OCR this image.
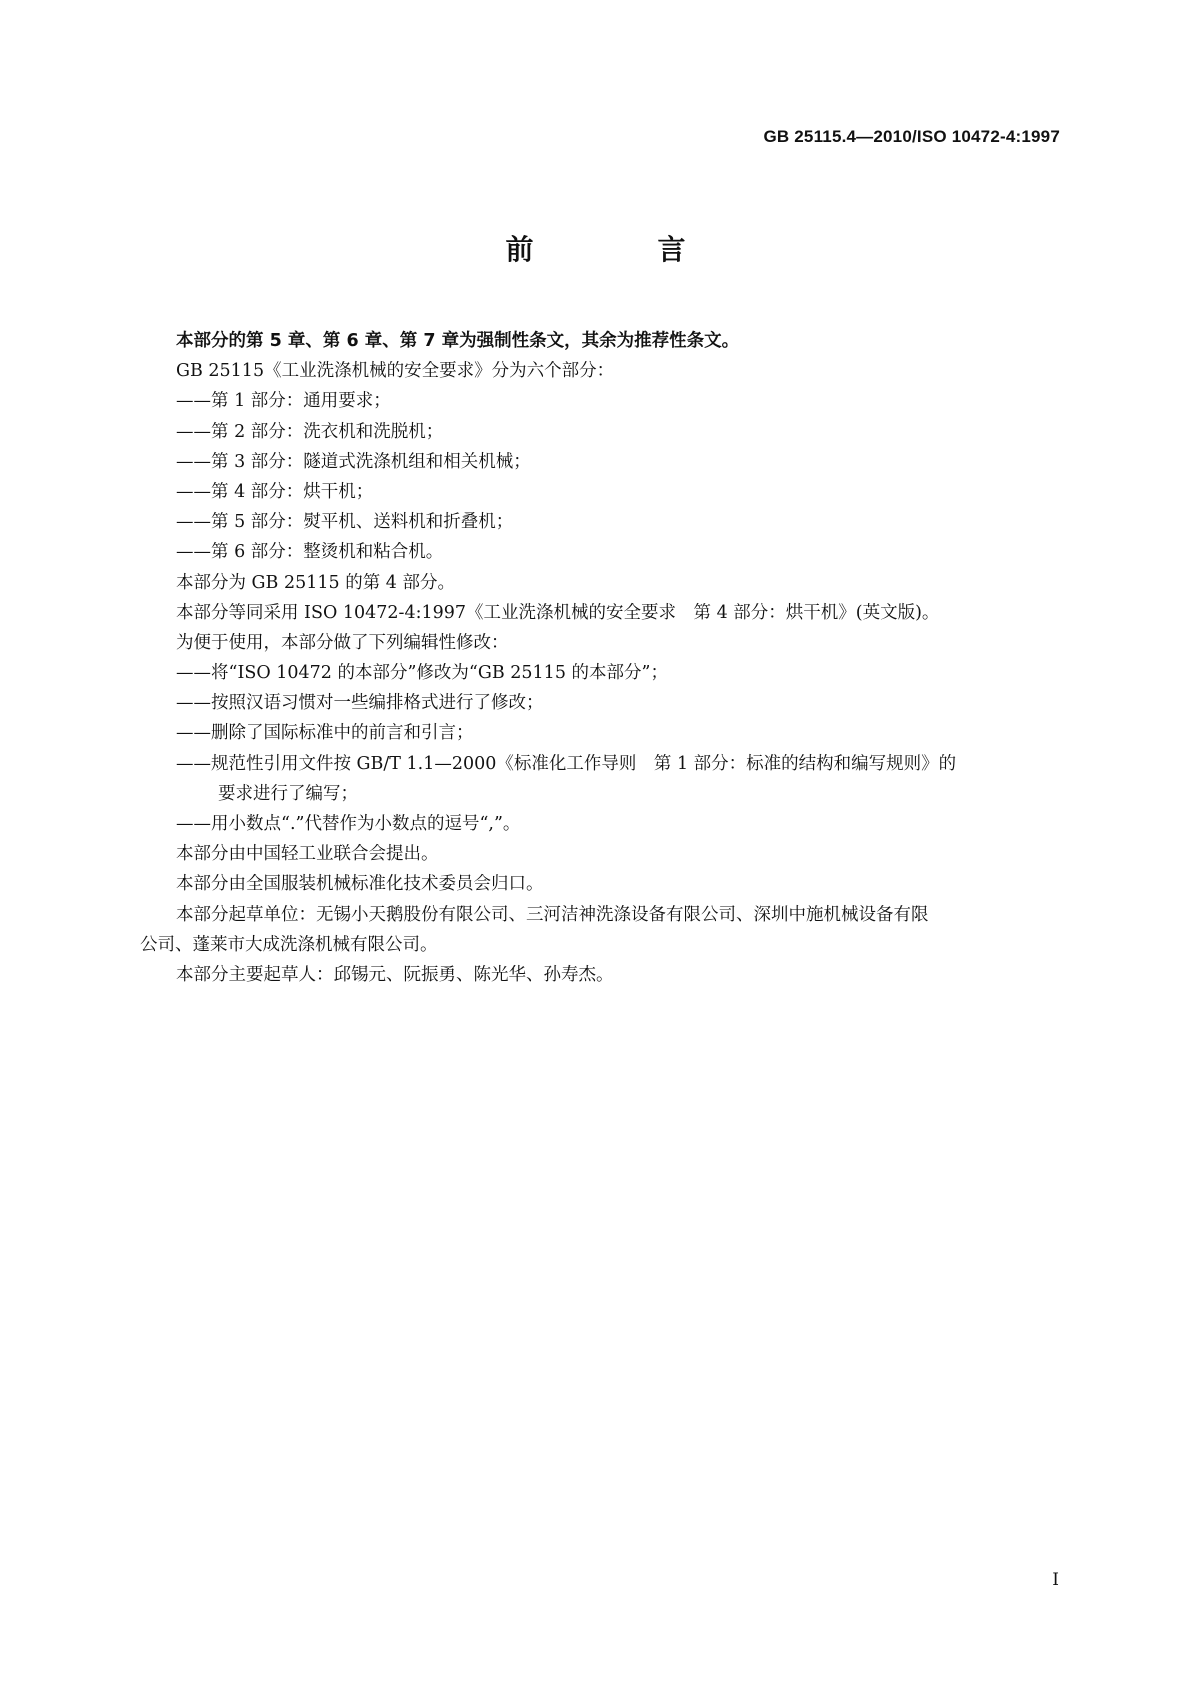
GB 25115.4—2010/ISO 10472-4:1997
前　言
本部分的第 5 章、第 6 章、第 7 章为强制性条文，其余为推荐性条文。
GB 25115《工业洗涤机械的安全要求》分为六个部分：
——第 1 部分：通用要求；
——第 2 部分：洗衣机和洗脱机；
——第 3 部分：隧道式洗涤机组和相关机械；
——第 4 部分：烘干机；
——第 5 部分：熨平机、送料机和折叠机；
——第 6 部分：整烫机和粘合机。
本部分为 GB 25115 的第 4 部分。
本部分等同采用 ISO 10472-4:1997《工业洗涤机械的安全要求　第 4 部分：烘干机》(英文版)。
为便于使用，本部分做了下列编辑性修改：
——将“ISO 10472 的本部分”修改为“GB 25115 的本部分”；
——按照汉语习惯对一些编排格式进行了修改；
——删除了国际标准中的前言和引言；
——规范性引用文件按 GB/T 1.1—2000《标准化工作导则　第 1 部分：标准的结构和编写规则》的
要求进行了编写；
——用小数点“.”代替作为小数点的逗号“,”。
本部分由中国轻工业联合会提出。
本部分由全国服装机械标准化技术委员会归口。
本部分起草单位：无锡小天鹅股份有限公司、三河洁神洗涤设备有限公司、深圳中施机械设备有限
公司、蓬莱市大成洗涤机械有限公司。
本部分主要起草人：邱锡元、阮振勇、陈光华、孙寿杰。
I
